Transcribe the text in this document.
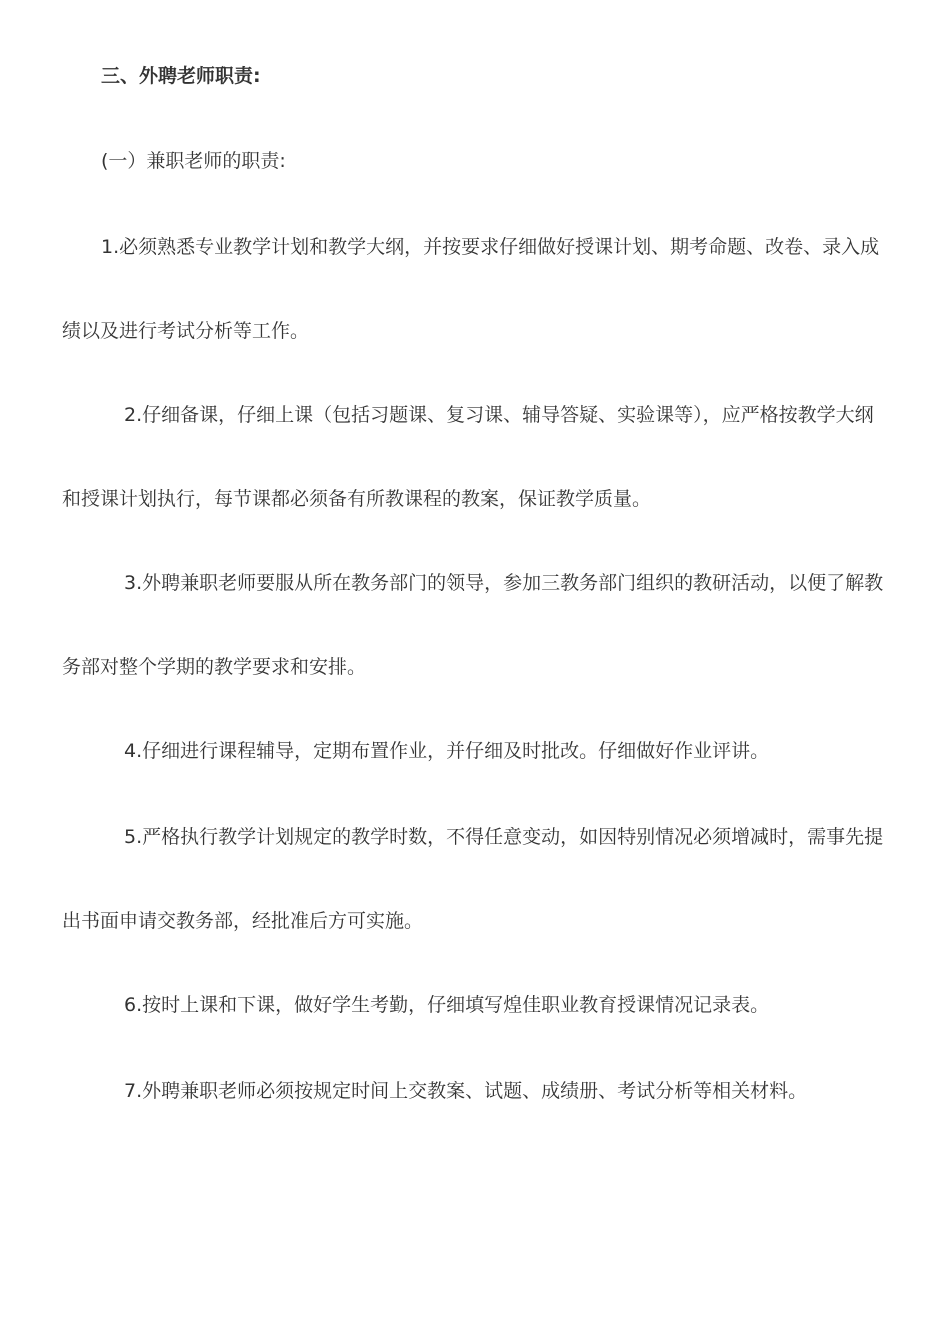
三、外聘老师职责:
(一）兼职老师的职责:
1.必须熟悉专业教学计划和教学大纲，并按要求仔细做好授课计划、期考命题、改卷、录入成
绩以及进行考试分析等工作。
2.仔细备课，仔细上课（包括习题课、复习课、辅导答疑、实验课等），应严格按教学大纲
和授课计划执行，每节课都必须备有所教课程的教案，保证教学质量。
3.外聘兼职老师要服从所在教务部门的领导，参加三教务部门组织的教研活动，以便了解教
务部对整个学期的教学要求和安排。
4.仔细进行课程辅导，定期布置作业，并仔细及时批改。仔细做好作业评讲。
5.严格执行教学计划规定的教学时数，不得任意变动，如因特别情况必须增减时，需事先提
出书面申请交教务部，经批准后方可实施。
6.按时上课和下课，做好学生考勤，仔细填写煌佳职业教育授课情况记录表。
7.外聘兼职老师必须按规定时间上交教案、试题、成绩册、考试分析等相关材料。
